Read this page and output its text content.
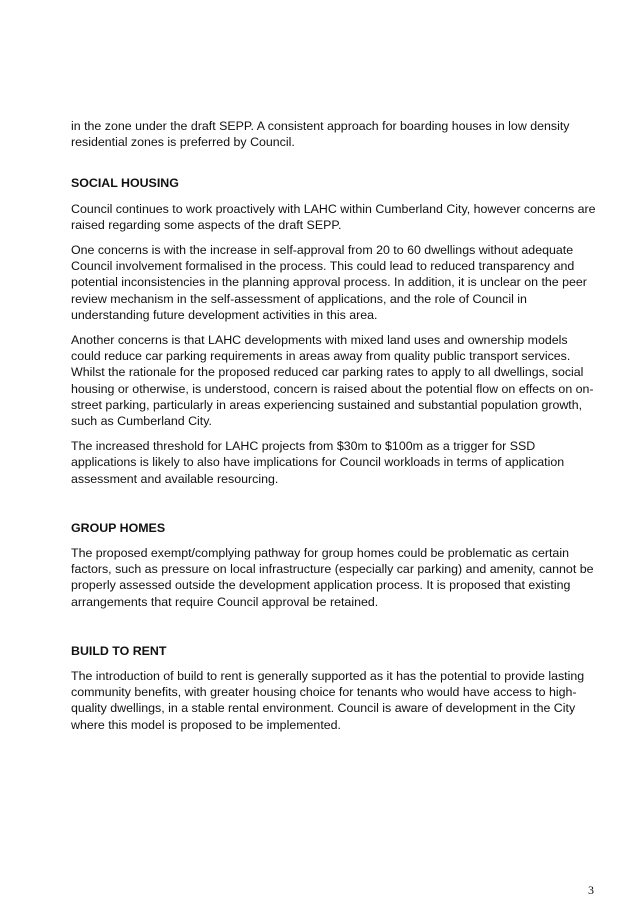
in the zone under the draft SEPP. A consistent approach for boarding houses in low density residential zones is preferred by Council.

SOCIAL HOUSING

Council continues to work proactively with LAHC within Cumberland City, however concerns are raised regarding some aspects of the draft SEPP.

One concerns is with the increase in self-approval from 20 to 60 dwellings without adequate Council involvement formalised in the process. This could lead to reduced transparency and potential inconsistencies in the planning approval process. In addition, it is unclear on the peer review mechanism in the self-assessment of applications, and the role of Council in understanding future development activities in this area.

Another concerns is that LAHC developments with mixed land uses and ownership models could reduce car parking requirements in areas away from quality public transport services. Whilst the rationale for the proposed reduced car parking rates to apply to all dwellings, social housing or otherwise, is understood, concern is raised about the potential flow on effects on on-street parking, particularly in areas experiencing sustained and substantial population growth, such as Cumberland City.

The increased threshold for LAHC projects from $30m to $100m as a trigger for SSD applications is likely to also have implications for Council workloads in terms of application assessment and available resourcing.

GROUP HOMES

The proposed exempt/complying pathway for group homes could be problematic as certain factors, such as pressure on local infrastructure (especially car parking) and amenity, cannot be properly assessed outside the development application process. It is proposed that existing arrangements that require Council approval be retained.

BUILD TO RENT

The introduction of build to rent is generally supported as it has the potential to provide lasting community benefits, with greater housing choice for tenants who would have access to high-quality dwellings, in a stable rental environment. Council is aware of development in the City where this model is proposed to be implemented.

3
